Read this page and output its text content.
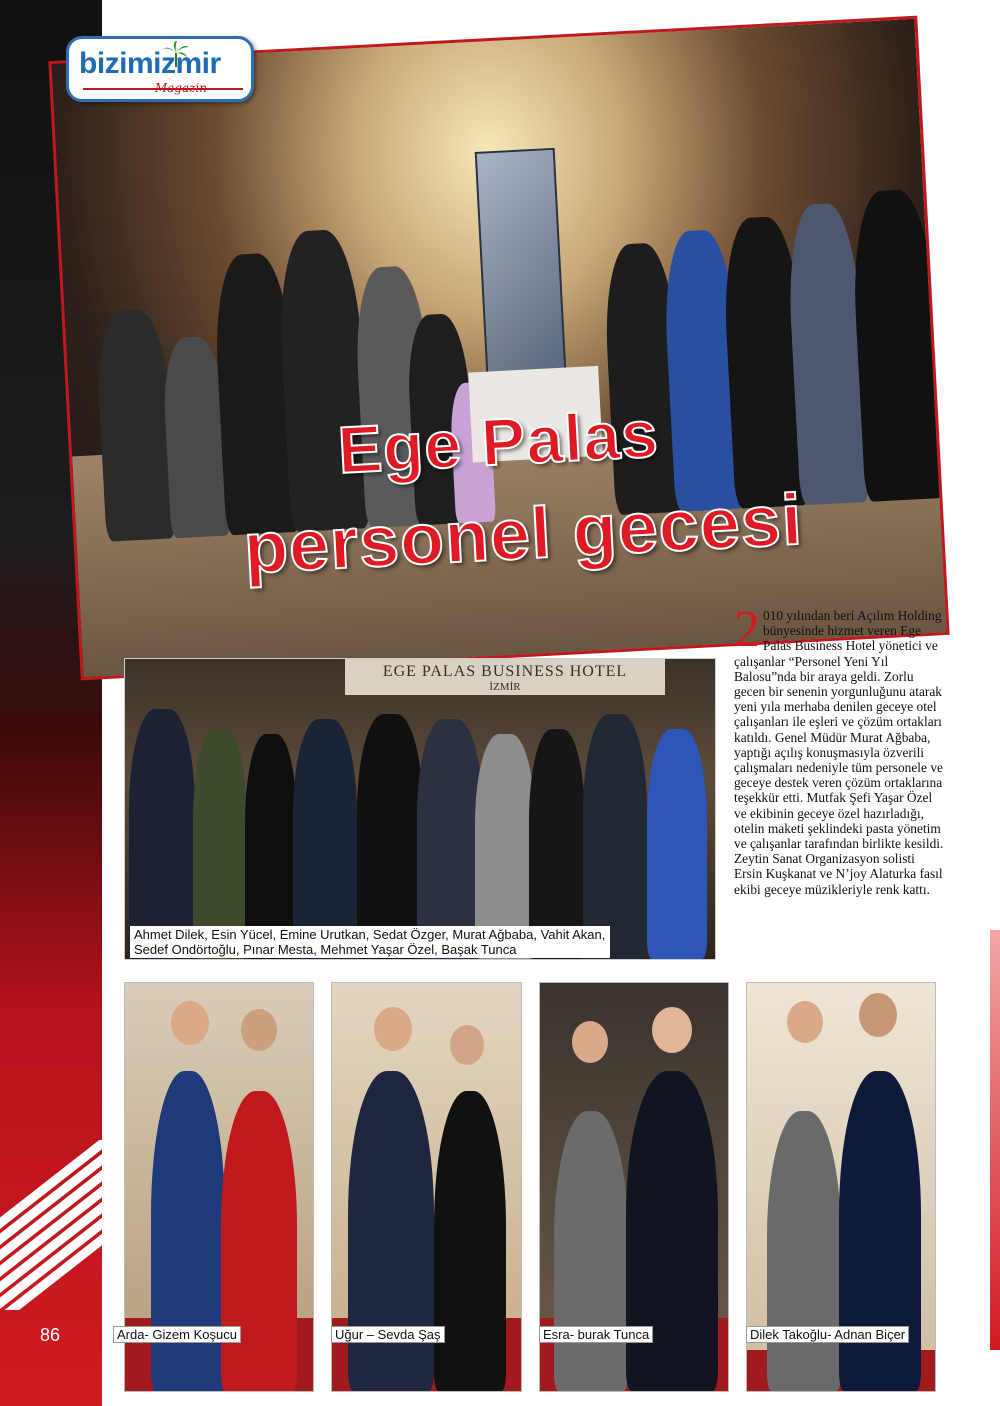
86
Ege Palas
personel gecesi
bizimizmir
Magazin
EGE PALAS BUSINESS HOTEL
İZMİR
Ahmet Dilek, Esin Yücel, Emine Urutkan, Sedat Özger, Murat Ağbaba, Vahit Akan,
Sedef Ondörtoğlu, Pınar Mesta, Mehmet Yaşar Özel, Başak Tunca
2 010 yılından beri Açılım Holding bünyesinde hizmet veren Ege Palas Business Hotel yönetici ve çalışanlar “Personel Yeni Yıl Balosu”nda bir araya geldi. Zorlu gecen bir senenin yorgunluğunu atarak yeni yıla merhaba denilen geceye otel çalışanları ile eşleri ve çözüm ortakları katıldı. Genel Müdür Murat Ağbaba, yaptığı açılış konuşmasıyla özverili çalışmaları nedeniyle tüm personele ve geceye destek veren çözüm ortaklarına teşekkür etti. Mutfak Şefi Yaşar Özel ve ekibinin geceye özel hazırladığı, otelin maketi şeklindeki pasta yönetim ve çalışanlar tarafından birlikte kesildi. Zeytin Sanat Organizasyon solisti Ersin Kuşkanat ve N’joy Alaturka fasıl ekibi geceye müzikleriyle renk kattı.
Arda- Gizem Koşucu	Uğur – Sevda Şaş	Esra- burak Tunca	Dilek Takoğlu- Adnan Biçer
